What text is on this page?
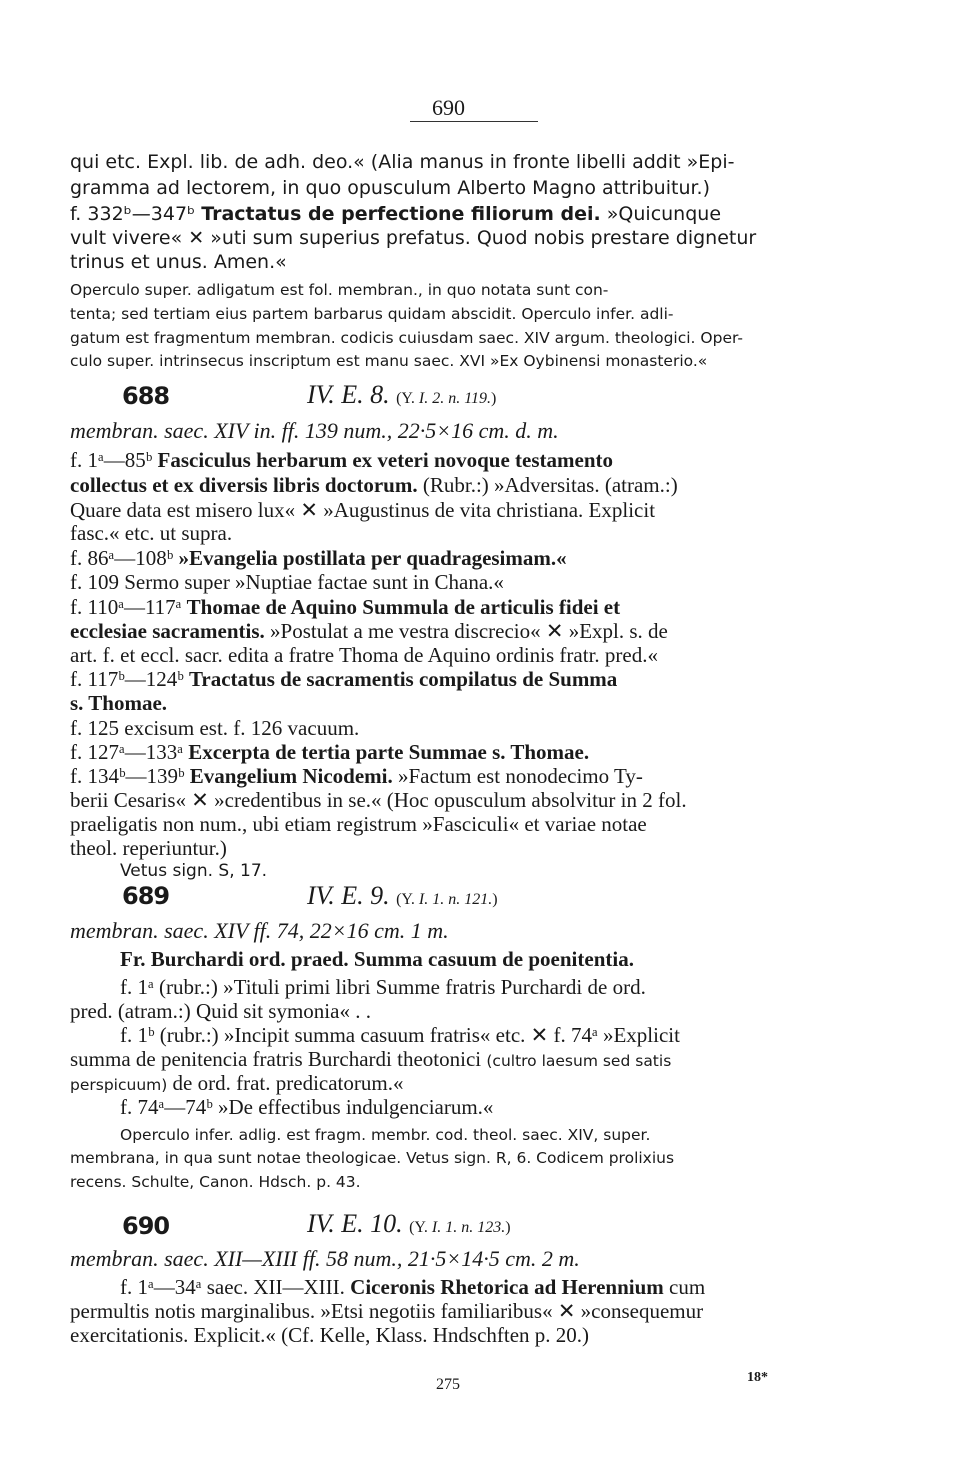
690
qui etc. Expl. lib. de adh. deo.« (Alia manus in fronte libelli addit »Epi-
gramma ad lectorem, in quo opusculum Alberto Magno attribuitur.)
f. 332ᵇ—347ᵇ Tractatus de perfectione filiorum dei. »Quicunque
vult vivere« ✕ »uti sum superius prefatus. Quod nobis prestare dignetur
trinus et unus. Amen.«
Operculo super. adligatum est fol. membran., in quo notata sunt con-
tenta; sed tertiam eius partem barbarus quidam abscidit. Operculo infer. adli-
gatum est fragmentum membran. codicis cuiusdam saec. XIV argum. theologici. Oper-
culo super. intrinsecus inscriptum est manu saec. XVI »Ex Oybinensi monasterio.«
688	IV. E. 8. (Y. I. 2. n. 119.)
membran. saec. XIV in. ff. 139 num., 22·5×16 cm. d. m.
f. 1ᵃ—85ᵇ Fasciculus herbarum ex veteri novoque testamento
collectus et ex diversis libris doctorum. (Rubr.:) »Adversitas. (atram.:)
Quare data est misero lux« ✕ »Augustinus de vita christiana. Explicit
fasc.« etc. ut supra.
f. 86ᵃ—108ᵇ »Evangelia postillata per quadragesimam.«
f. 109 Sermo super »Nuptiae factae sunt in Chana.«
f. 110ᵃ—117ᵃ Thomae de Aquino Summula de articulis fidei et
ecclesiae sacramentis. »Postulat a me vestra discrecio« ✕ »Expl. s. de
art. f. et eccl. sacr. edita a fratre Thoma de Aquino ordinis fratr. pred.«
f. 117ᵇ—124ᵇ Tractatus de sacramentis compilatus de Summa
s. Thomae.
f. 125 excisum est. f. 126 vacuum.
f. 127ᵃ—133ᵃ Excerpta de tertia parte Summae s. Thomae.
f. 134ᵇ—139ᵇ Evangelium Nicodemi. »Factum est nonodecimo Ty-
berii Cesaris« ✕ »credentibus in se.« (Hoc opusculum absolvitur in 2 fol.
praeligatis non num., ubi etiam registrum »Fasciculi« et variae notae
theol. reperiuntur.)
Vetus sign. S, 17.
689	IV. E. 9. (Y. I. 1. n. 121.)
membran. saec. XIV ff. 74, 22×16 cm. 1 m.
Fr. Burchardi ord. praed. Summa casuum de poenitentia.
f. 1ᵃ (rubr.:) »Tituli primi libri Summe fratris Purchardi de ord.
pred. (atram.:) Quid sit symonia« . .
f. 1ᵇ (rubr.:) »Incipit summa casuum fratris« etc. ✕ f. 74ᵃ »Explicit
summa de penitencia fratris Burchardi theotonici (cultro laesum sed satis
perspicuum) de ord. frat. predicatorum.«
f. 74ᵃ—74ᵇ »De effectibus indulgenciarum.«
Operculo infer. adlig. est fragm. membr. cod. theol. saec. XIV, super.
membrana, in qua sunt notae theologicae. Vetus sign. R, 6. Codicem prolixius
recens. Schulte, Canon. Hdsch. p. 43.
690	IV. E. 10. (Y. I. 1. n. 123.)
membran. saec. XII—XIII ff. 58 num., 21·5×14·5 cm. 2 m.
f. 1ᵃ—34ᵃ saec. XII—XIII. Ciceronis Rhetorica ad Herennium cum
permultis notis marginalibus. »Etsi negotiis familiaribus« ✕ »consequemur
exercitationis. Explicit.« (Cf. Kelle, Klass. Hndschften p. 20.)
275	18*
